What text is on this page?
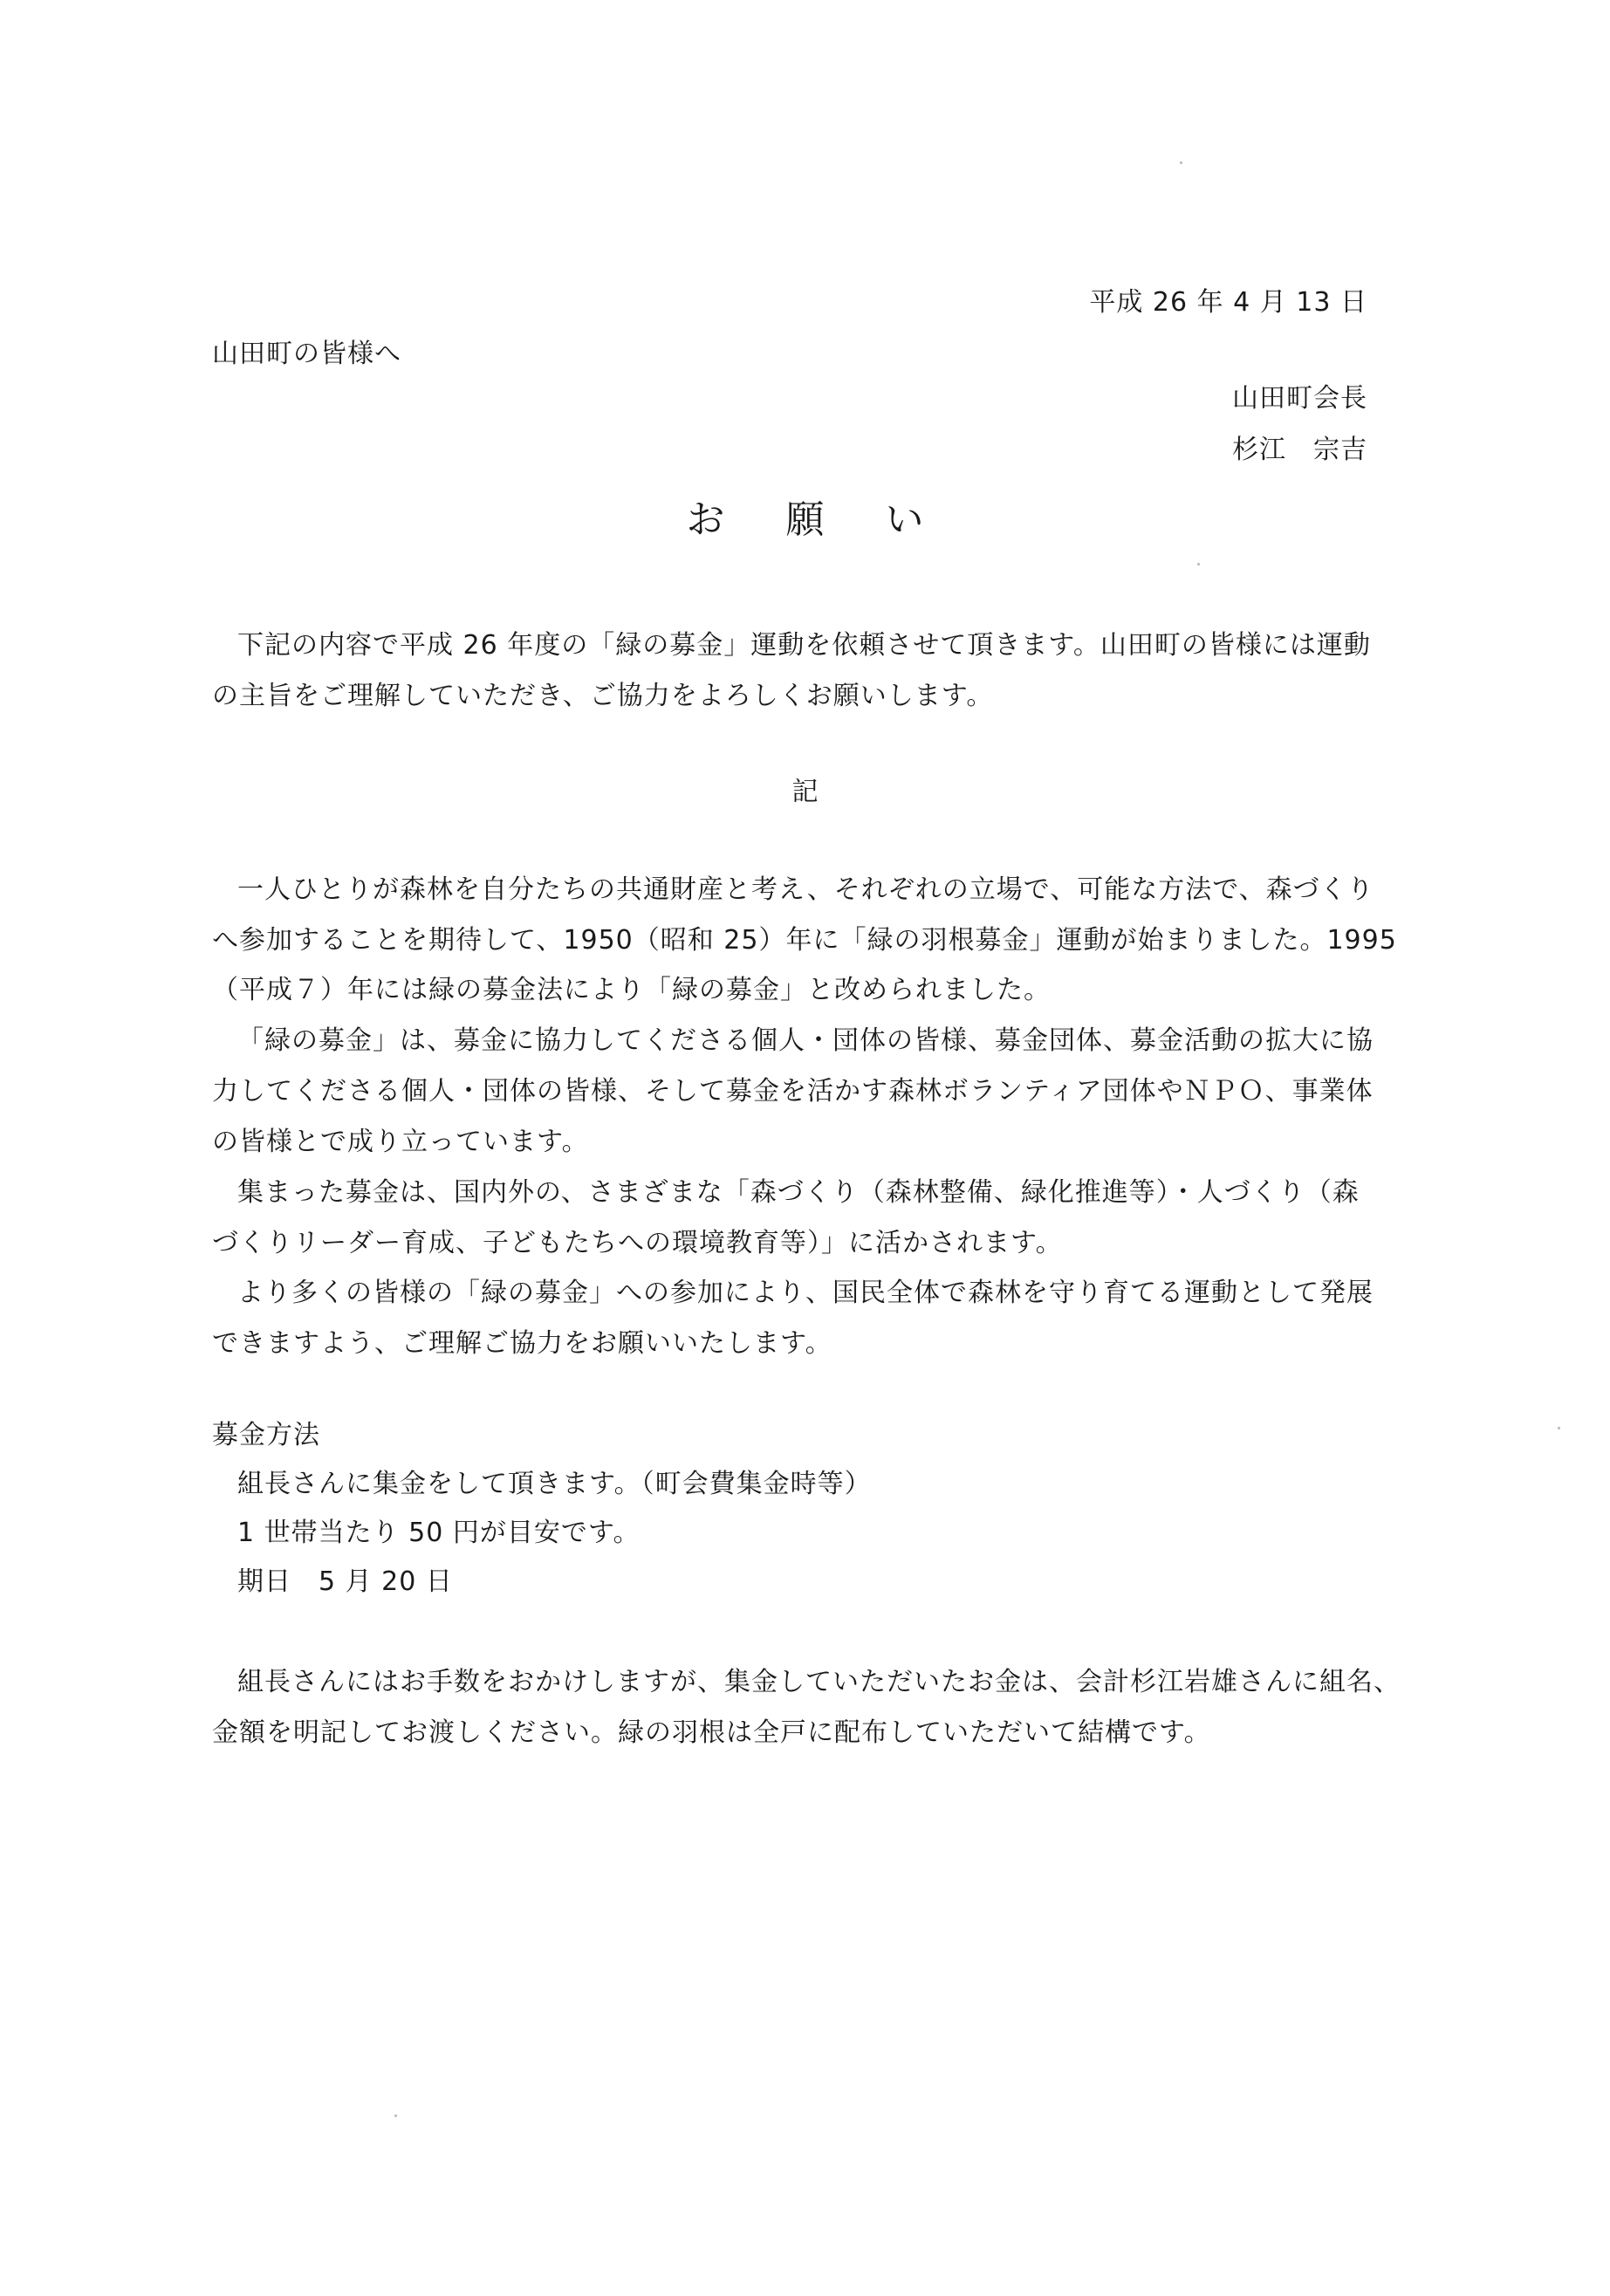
平成 26 年 4 月 13 日
山田町の皆様へ
山田町会長
杉江　宗吉
お願い
下記の内容で平成 26 年度の「緑の募金」運動を依頼させて頂きます。山田町の皆様には運動
の主旨をご理解していただき、ご協力をよろしくお願いします。
記
一人ひとりが森林を自分たちの共通財産と考え、それぞれの立場で、可能な方法で、森づくり
へ参加することを期待して、1950（昭和 25）年に「緑の羽根募金」運動が始まりました。1995
（平成７）年には緑の募金法により「緑の募金」と改められました。
「緑の募金」は、募金に協力してくださる個人・団体の皆様、募金団体、募金活動の拡大に協
力してくださる個人・団体の皆様、そして募金を活かす森林ボランティア団体やＮＰＯ、事業体
の皆様とで成り立っています。
集まった募金は、国内外の、さまざまな「森づくり（森林整備、緑化推進等）・人づくり（森
づくりリーダー育成、子どもたちへの環境教育等）」に活かされます。
より多くの皆様の「緑の募金」への参加により、国民全体で森林を守り育てる運動として発展
できますよう、ご理解ご協力をお願いいたします。
募金方法
組長さんに集金をして頂きます。（町会費集金時等）
1 世帯当たり 50 円が目安です。
期日　5 月 20 日
組長さんにはお手数をおかけしますが、集金していただいたお金は、会計杉江岩雄さんに組名、
金額を明記してお渡しください。緑の羽根は全戸に配布していただいて結構です。
